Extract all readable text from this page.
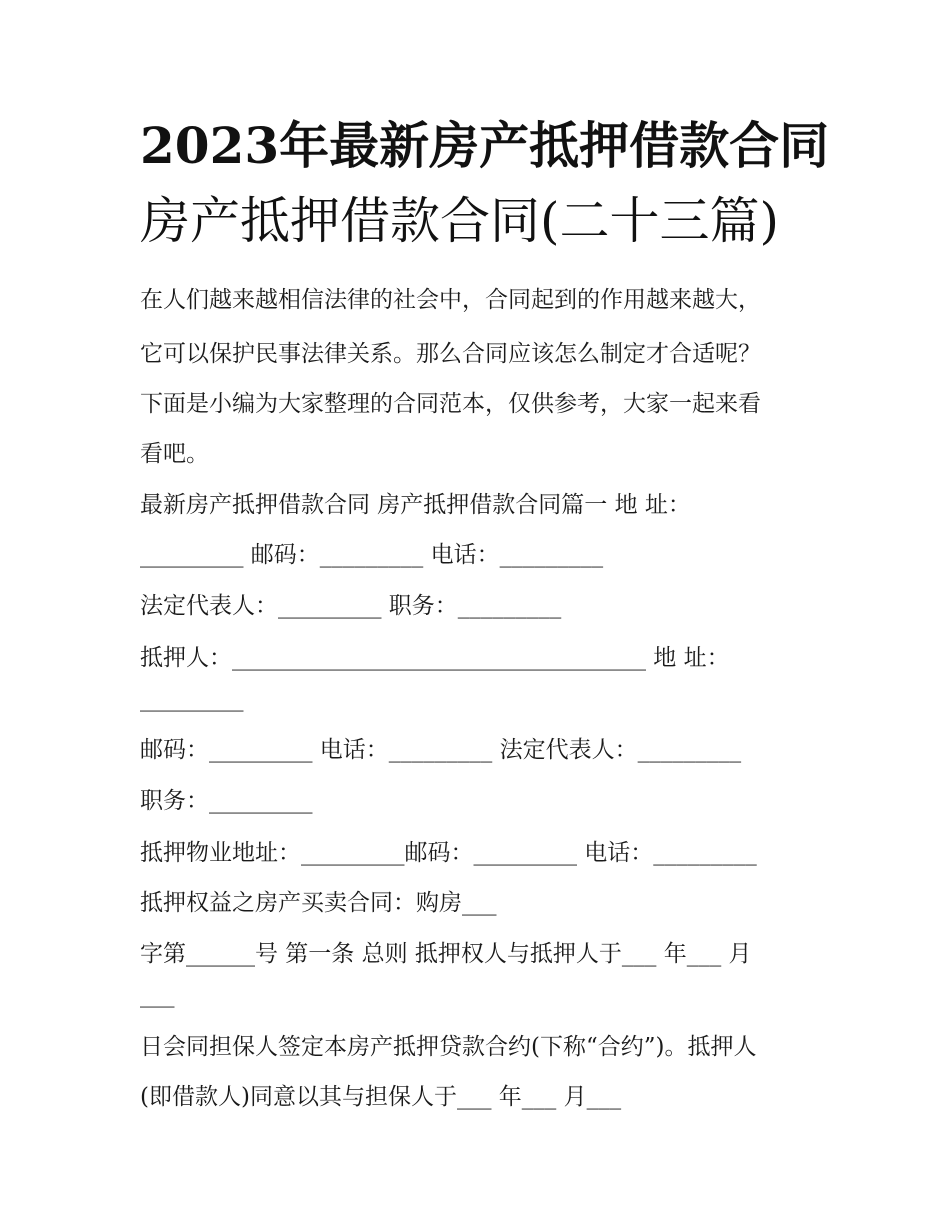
2023年最新房产抵押借款合同
房产抵押借款合同(二十三篇)
在人们越来越相信法律的社会中，合同起到的作用越来越大，
它可以保护民事法律关系。那么合同应该怎么制定才合适呢？
下面是小编为大家整理的合同范本，仅供参考，大家一起来看
看吧。
最新房产抵押借款合同 房产抵押借款合同篇一 地 址：
_________ 邮码：_________ 电话：_________
法定代表人：_________ 职务：_________
抵押人：____________________________________ 地 址：
_________
邮码：_________ 电话：_________ 法定代表人：_________
职务：_________
抵押物业地址：_________邮码：_________ 电话：_________
抵押权益之房产买卖合同：购房___
字第______号 第一条 总则 抵押权人与抵押人于___ 年___ 月
___
日会同担保人签定本房产抵押贷款合约(下称“合约”)。抵押人
(即借款人)同意以其与担保人于___ 年___ 月___
